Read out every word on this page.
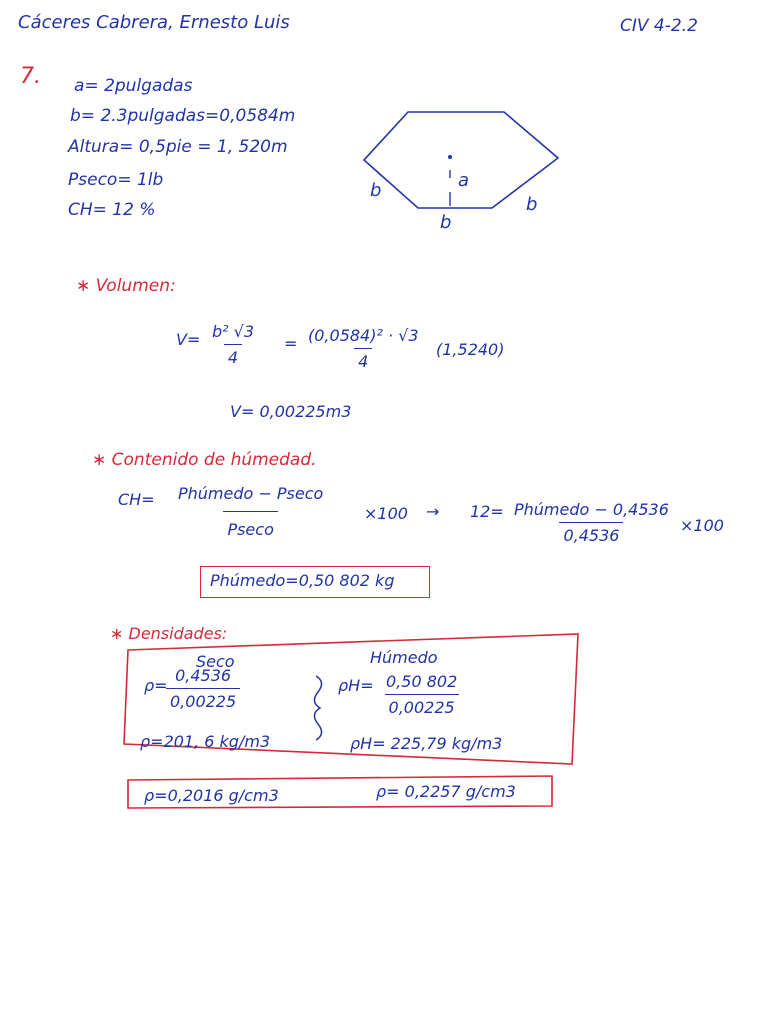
Cáceres Cabrera, Ernesto Luis	CIV 4-2.2
7. a= 2pulgadas
b= 2.3pulgadas=0,0584m
Altura= 0,5pie = 1, 520m
Pseco= 1lb
CH= 12 %
a
b
b
b
∗ Volumen:
$V= \frac{\text{b² √3}}{4} = \frac{\text{(0,0584)² · √3}}{4} (1,5240)$
V= 0,00225m3
∗ Contenido de húmedad.
CH= Phúmedo − Pseco
Pseco
×100 → 12= Phúmedo − 0,4536
0,4536
×100
Phúmedo=0,50 802 kg
∗ Densidades:
Seco	Húmedo
ρ=
$\frac{0,4536}{0,00225}$	$\rho H= \frac{0,50 802}{0,00225}$
ρ=201, 6 kg/m3	ρH= 225,79 kg/m3
ρ=0,2016 g/cm3	ρ= 0,2257 g/cm3
